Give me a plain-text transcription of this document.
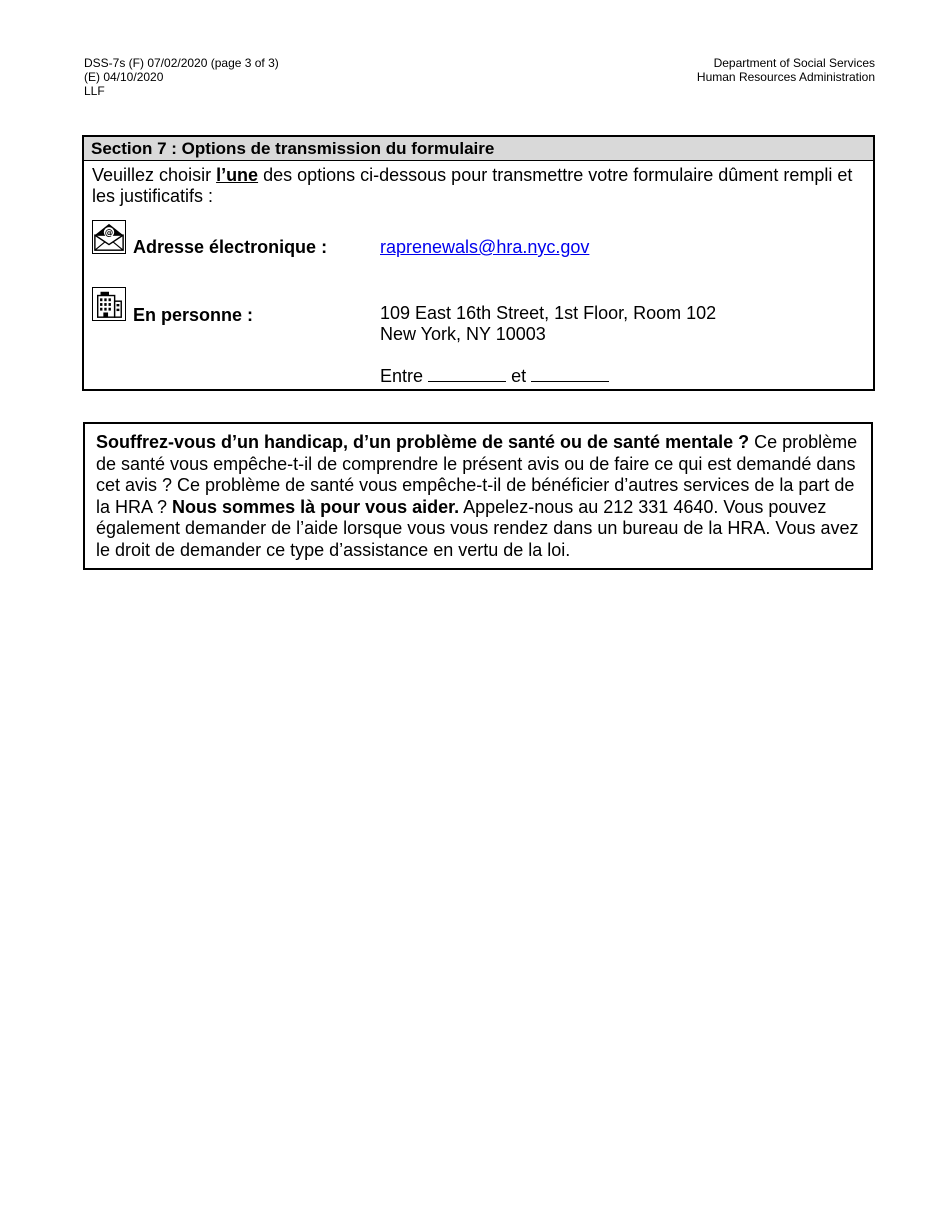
DSS-7s (F) 07/02/2020 (page 3 of 3)
(E) 04/10/2020
LLF
Department of Social Services
Human Resources Administration
Section 7 : Options de transmission du formulaire
Veuillez choisir l’une des options ci-dessous pour transmettre votre formulaire dûment rempli et les justificatifs :
@
Adresse électronique :	raprenewals@hra.nyc.gov
En personne :	109 East 16th Street, 1st Floor, Room 102
New York, NY 10003
Entre	et
Souffrez-vous d’un handicap, d’un problème de santé ou de santé mentale ? Ce problème de santé vous empêche-t-il de comprendre le présent avis ou de faire ce qui est demandé dans cet avis ? Ce problème de santé vous empêche-t-il de bénéficier d’autres services de la part de la HRA ? Nous sommes là pour vous aider. Appelez-nous au 212 331 4640. Vous pouvez également demander de l’aide lorsque vous vous rendez dans un bureau de la HRA. Vous avez le droit de demander ce type d’assistance en vertu de la loi.
